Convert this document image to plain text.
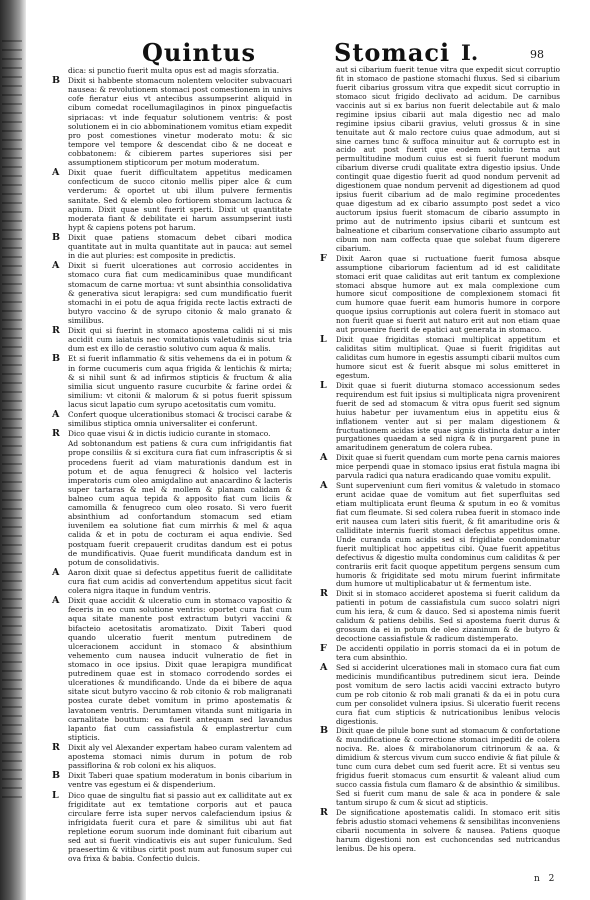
Quintus	Stomaci I.	98

dica: si punctio fuerit multa opus est ad magis sforzatia.

B Dixit si habbente stomacum nolentem velociter subvacuari nausea: & revolutionem stomaci post comestionem in univs cofe fieratur eius vt antecibus assumpserint aliquid in cibum comedat rocellumagilaginos in pinox pinguefactis sipriacas: vt inde fequatur solutionem ventris: & post solutionem ei in cio abbominationem vomitus etiam expedit pro post comestiones vinetur moderato motu: & sic tempore vel tempore & descendat cibo & ne doceat e cobbatonem: & cibierem partes superiores sisi per assumptionem stipticorum per motum moderatum.

A Dixit quae fuerit difficultatem appetitus medicamen confecticum de succo citonio mellis piper alce & cum verderum: & oportet ut ubi illum pulvere fermentis sanitate. Sed & elemb oleo fortiorem stomacum lactuca & apium. Dixit quae sunt fuerit sperti. Dixit ut quantitate moderata fiant & debilitate ei harum assumpserint iusti hypt & capiens potens pot harum.

B Dixit quae patiens stomacum debet cibari modica quantitate aut in multa quantitate aut in pauca: aut semel in die aut pluries: est composite in predictis.

A Dixit si fuerit ulcerationes aut corrosio accidentes in stomaco cura fiat cum medicaminibus quae mundificant stomacum de carne mortua: vt sunt absinthia consolidativa & generativa sicut lerapigra: sed cum mundificatio fuerit stomachi in ei potu de aqua frigida recte lactis extracti de butyro vaccino & de syrupo citonio & malo granato & similibus.

R Dixit qui si fuerint in stomaco apostema calidi ni si mis accidit cum iaiatuis nec vomitationis valetudinis sicut tria dum est ex illo de cerastio solutivo cum aqua & malis.

B Et si fuerit inflammatio & sitis vehemens da ei in potum & in forme cucumeris cum aqua frigida & lentichis & mirta; & si nihil sunt & ad infirmos stipticis & fructum & alia similia sicut unguento rasure cucurbite & farine ordei & similium: vt citonii & malorum & si potus fuerit spissum lacus sicut lapatio cum syrupo acetositatis cum vomitu.

A Confert quoque ulcerationibus stomaci & trocisci carabe & similibus stiptica omnia universaliter ei conferunt.

R Dico quae visui & in dictis iudicio curante in stomaco.

Ad sobtonandum est patiens & cura cum infrigidantis fiat prope consiliis & si excitura cura fiat cum infrascriptis & si procedens fuerit ad viam maturationis dandum est in potum et de aqua fenugreci & holsico vel lacteris imperatoris cum oleo amigdalino aut anacardino & lacteris super tartaras & mel & mollem & planam calidam & balneo cum aqua tepida & apposito fiat cum liciis & camomilla & fenugreco cum oleo rosato. Si vero fuerit absinthium ad confortandum stomacum sed etiam iuvenilem ea solutione fiat cum mirrhis & mel & aqua calida & et in potu de cocturam ei aqua endivie. Sed postquam fuerit crepauerit cruditas dandum est ei potus de mundificativis. Quae fuerit mundificata dandum est in potum de consolidativis.

A Aaron dixit quae si defectus appetitus fuerit de calliditate cura fiat cum acidis ad convertendum appetitus sicut facit colera nigra itaque in fundum ventris.

A Dixit quae accidit & ulceratio cum in stomaco vapositio & feceris in eo cum solutione ventris: oportet cura fiat cum aqua sitate manente post extractum butyri vaccini & bifacteio acetositatis aromatizato. Dixit Taberi quod quando ulceratio fuerit mentum putredinem de ulceracionem accidunt in stomaco & absinthium vehemento cum nausea inducit vulneratio de fiet in stomaco in oce ipsius. Dixit quae lerapigra mundificat putredinem quae est in stomaco corrodendo sordes ei ulcerationes & mundificando. Unde da ei bibere de aqua sitate sicut butyro vaccino & rob citonio & rob maligranati postea curate debet vomitum in primo apostematis & lavatonem ventris. Derumtamen vitanda sunt mitigaria in carnalitate bouttum: ea fuerit antequam sed lavandus lapanto fiat cum cassiafistula & emplastrertur cum stipticis.

R Dixit aly vel Alexander expertam habeo curam valentem ad apostema stomaci nimis durum in potum de rob passiflorina & rob coloni ex his aliquos.

B Dixit Taberi quae spatium moderatum in bonis cibarium in ventre vas egestum ei & dispenderium.

L Dico quae de singultu fiat si passio aut ex calliditate aut ex frigiditate aut ex temtatione corporis aut et pauca circulare ferre ista super nervos calefaciendum ipsius & infrigidata fuerit cura et pare & similitus ubi aut fiat repletione eorum suorum inde dominant fuit cibarium aut sed aut si fuerit vindicativis eis aut super funiculum. Sed praesertim & vitibus cirtit post num aut funosum super cui ova frixa & babia. Confectio dulcis.

aut si cibarium fuerit tenue vitra que expedit sicut corruptio fit in stomaco de pastione stomachi fluxus. Sed si cibarium fuerit cibarius grossum vitra que expedit sicut corruptio in stomaco sicut frigido declivato ad acidum. De carnibus vaccinis aut si ex barius non fuerit delectabile aut & malo regimine ipsius cibarii aut mala digestio nec ad malo regimine ipsius cibarii gravius, veluti grossus & in sine tenuitate aut & malo rectore cuius quae admodum, aut si sine carnes tunc & suffoca minuitur aut & corrupto est in acido aut post fuerit que eodem solutio terna aut permultitudine modum cuius est si fuerit fuerunt modum cibarium diverse crudi qualitate extra digestio ipsius. Unde contingit quae digestio fuerit ad quod nondum pervenit ad digestionem quae nondum pervenit ad digestionem ad quod ipsius fuerit cibarium ad de malo regimine procedentes quae digestum ad ex cibario assumpto post sedet a vico auctorum ipsius fuerit stomacum de cibario assumpto in primo aut de nutrimento ipsius cibarii et suntcum est balneatione et cibarium conservatione cibario assumpto aut cibum non nam coffecta quae que solebat fuum digerere cibarium.

F Dixit Aaron quae si ructuatione fuerit fumosa absque assumptione cibariorum facientum ad id est caliditate stomaci erit quae caliditas aut erit tantum ex complexione stomaci absque humore aut ex mala complexione cum humore sicut compositione de complexionem stomaci fit cum humore quae fuerit eam humoris humore in corpore quoque ipsius corruptionis aut colera fuerit in stomaco aut non fuerit quae si fuerit aut naturo erit aut non etiam quae aut prouenire fuerit de epatici aut generata in stomaco.

L Dixit quae frigiditas stomaci multiplicat appetitum et caliditas sitim multiplicat. Quae si fuerit frigiditas aut caliditas cum humore in egestis assumpti cibarii multos cum humore sicut est & fuerit absque mi solus emitteret in egestum.

L Dixit quae si fuerit diuturna stomaco accessionum sedes requirendum est fuit ipsius si multiplicata nigra provenirent fuerit de sed ad stomacum & vitra opus fuerit sed signum huius habetur per iuvamentum eius in appetitu eius & inflationem venter aut si per malam digestionem & fructuationem acidas iste quae signis distincta datur a inter purgationes quaedam a sed nigra & in purgarent pune in amaritudinem generatum de colera rubea.

A Dixit quae si fuerit quendam cum morte pena carnis maiores mice perpendi quae in stomaco ipsius erat fistula magna ibi parvula radici qua natura eradicando quae vomitu expulit.

A Sunt superveniunt cum fieri vomitus & valetudo in stomaco erunt acidae quae de vomitum aut fiet superfluitas sed etiam multiplicata erunt fleuma & sputum in eo & vomitus fiat cum fleumate. Si sed colera rubea fuerit in stomaco inde erit nausea cum lateri sitis fuerit, & fit amaritudine oris & calliditate internis fuerit stomaci defectus appetitus omne. Unde curanda cum acidis sed si frigidiate condominatur fuerit multiplicat hoc appetitus cibi. Quae fuerit appetitus defectivus & digestio multa condominus cum caliditas & per contrariis erit facit quoque appetitum pergens sensum cum humoris & frigiditate sed motu mirum fuerint infirmitate dum humore ut multiplicabatur ut & fermentum iste.

R Dixit si in stomaco accideret apostema si fuerit calidum da patienti in potum de cassiafistula cum succo solatri nigri cum his iera, & cum & dauco. Sed si apostema nimis fuerit calidum & patiens debilis. Sed si apostema fuerit durus & grossum da ei in potum de oleo zizaninum & de butyro & decoctione cassiafistule & radicum distemperato.

F De accidenti oppilatio in porris stomaci da ei in potum de tera cum absinthio.

A Sed si acciderint ulcerationes mali in stomaco cura fiat cum medicinis mundificantibus putredinem sicut iera. Deinde post vomitum de sero lactis acidi vaccini extracto butyro cum pe rob citonio & rob mali granati & da ei in potu cura cum per consolidet vulnera ipsius. Si ulceratio fuerit recens cura fiat cum stipticis & nutricationibus lenibus velocis digestionis.

B Dixit quae de pilule bone sunt ad stomacum & confortatione & mundificatione & correctione stomaci impediti de colera nociva. Re. aloes & mirabolanorum citrinorum & aa. & dimidium & stercus vivum cum succo endivie & fiat pilule & tunc cum cura debet cum sed fuerit acre. Et si ventus seu frigidus fuerit stomacus cum ensurtit & valeant aliud cum succo cassia fistula cum flamaro & de absinthio & similibus. Sed si fuerit cum manu de sale & aca in pondere & sale tantum sirupo & cum & sicut ad stipticis.

R De significatione apostematis calidi. In stomaco erit sitis febris adustio stomaci vehemens & sensibilitas inconveniens cibarii nocumenta in solvere & nausea. Patiens quoque harum digestioni non est cuchoncendas sed nutricandus lenibus. De his opera.

n 2
